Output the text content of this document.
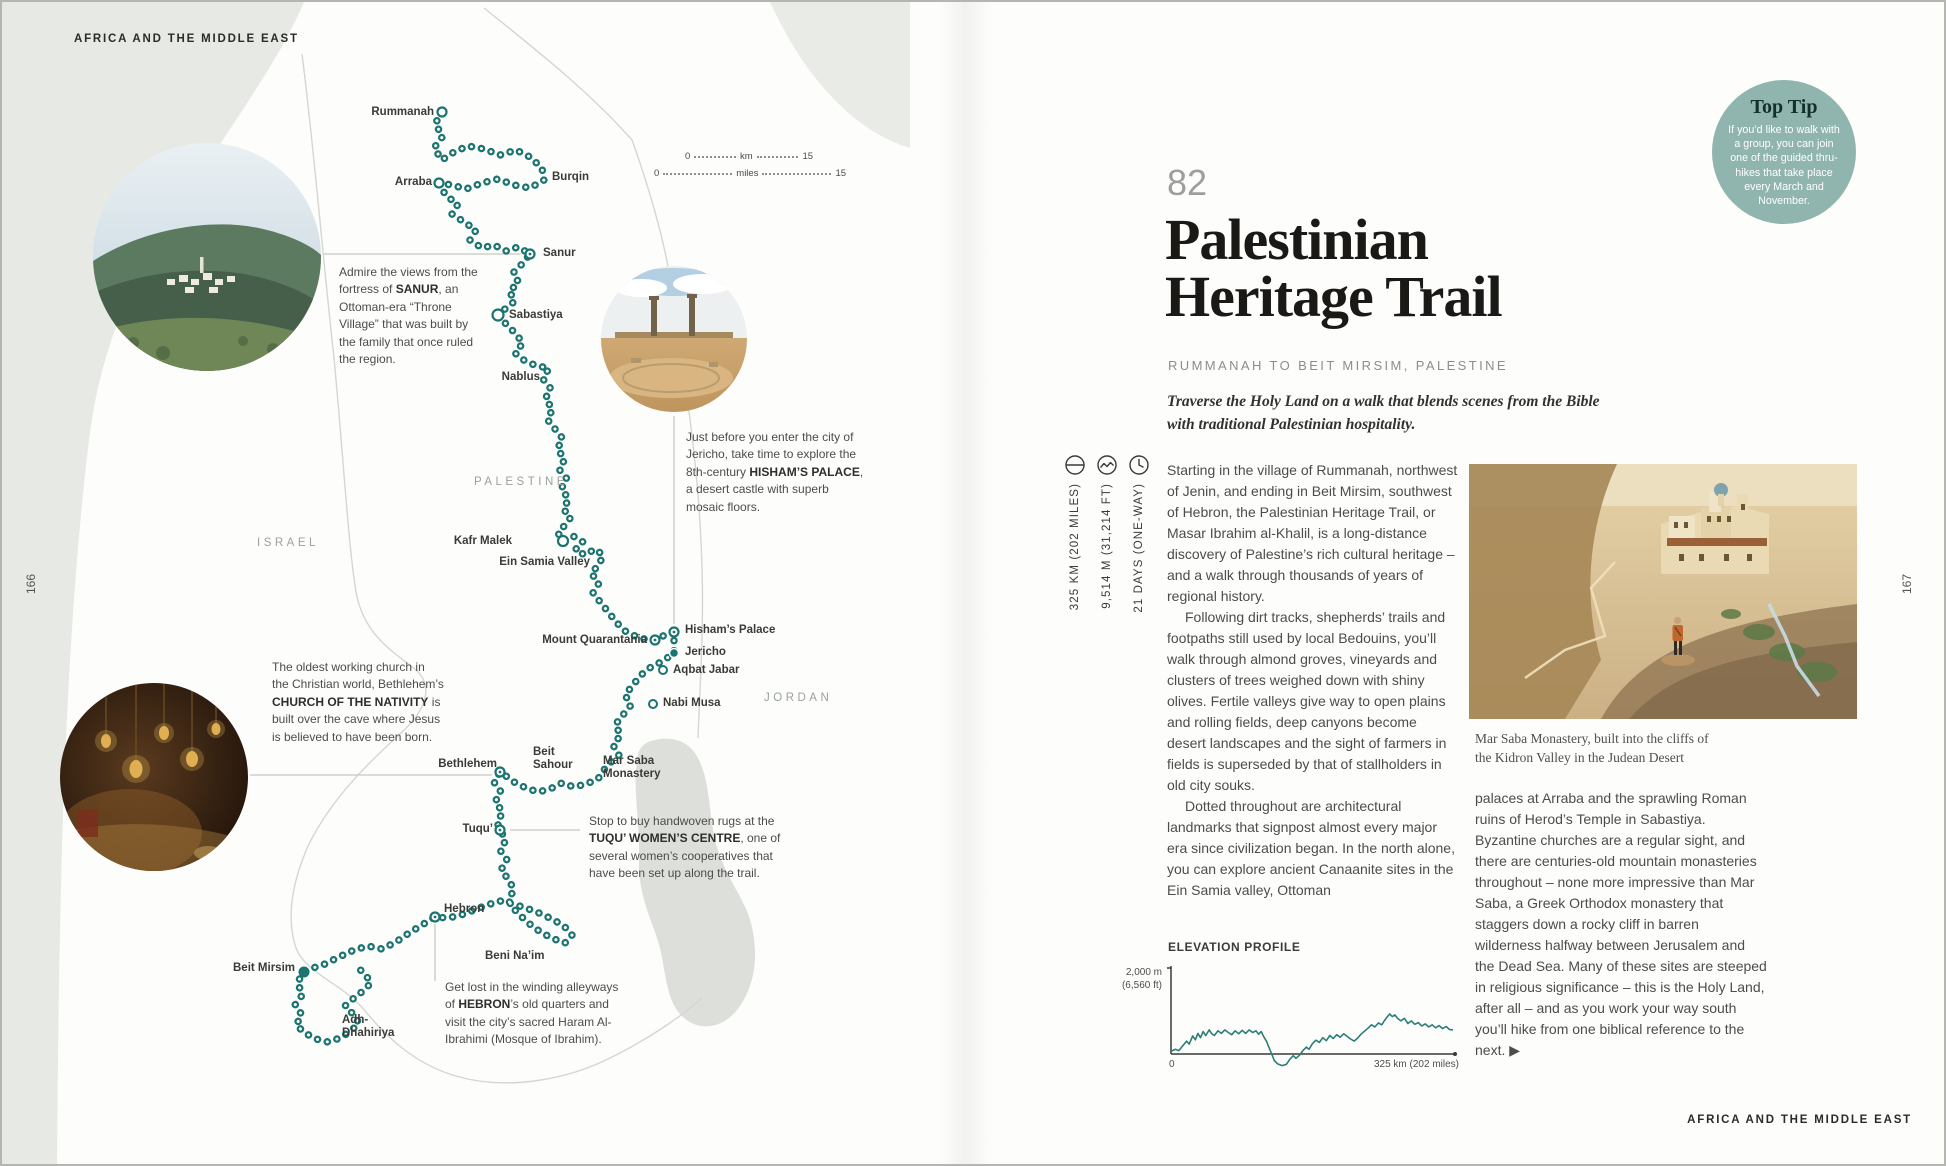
AFRICA AND THE MIDDLE EAST
166
0	km	15
0	miles	15
PALESTINE
ISRAEL
JORDAN
Rummanah
Arraba	Burqin
Sanur
Sabastiya
Nablus
Kafr Malek
Ein Samia Valley
Mount Quarantania
Hisham’s Palace
Jericho
Aqbat Jabar
Nabi Musa
Bethlehem
Beit Sahour	Mar Saba Monastery
Tuqu’
Hebron
Beni Na’im
Beit Mirsim
Adh-Dhahiriya
Admire the views from the fortress of SANUR, an Ottoman-era “Throne Village” that was built by the family that once ruled the region.
Just before you enter the city of Jericho, take time to explore the 8th-century HISHAM’S PALACE, a desert castle with superb mosaic floors.
The oldest working church in the Christian world, Bethlehem’s CHURCH OF THE NATIVITY is built over the cave where Jesus is believed to have been born.
Stop to buy handwoven rugs at the TUQU’ WOMEN’S CENTRE, one of several women’s cooperatives that have been set up along the trail.
Get lost in the winding alleyways of HEBRON’s old quarters and visit the city’s sacred Haram Al-Ibrahimi (Mosque of Ibrahim).
Top Tip
If you’d like to walk with a group, you can join one of the guided thru-hikes that take place every March and November.
82
Palestinian
Heritage Trail
RUMMANAH TO BEIT MIRSIM, PALESTINE
Traverse the Holy Land on a walk that blends scenes from the Bible with traditional Palestinian hospitality.
325 KM (202 MILES) 9,514 M (31,214 FT) 21 DAYS (ONE-WAY)

Starting in the village of Rummanah, northwest of Jenin, and ending in Beit Mirsim, southwest of Hebron, the Palestinian Heritage Trail, or Masar Ibrahim al-Khalil, is a long-distance discovery of Palestine’s rich cultural heritage – and a walk through thousands of years of regional history.

Following dirt tracks, shepherds’ trails and footpaths still used by local Bedouins, you’ll walk through almond groves, vineyards and clusters of trees weighed down with shiny olives. Fertile valleys give way to open plains and rolling fields, deep canyons become desert landscapes and the sight of farmers in fields is superseded by that of stallholders in old city souks.

Dotted throughout are architectural landmarks that signpost almost every major era since civilization began. In the north alone, you can explore ancient Canaanite sites in the Ein Samia valley, Ottoman

ELEVATION PROFILE
2,000 m
(6,560 ft)
0	325 km (202 miles)
Mar Saba Monastery, built into the cliffs of the Kidron Valley in the Judean Desert

palaces at Arraba and the sprawling Roman ruins of Herod’s Temple in Sabastiya. Byzantine churches are a regular sight, and there are centuries-old mountain monasteries throughout – none more impressive than Mar Saba, a Greek Orthodox monastery that staggers down a rocky cliff in barren wilderness halfway between Jerusalem and the Dead Sea. Many of these sites are steeped in religious significance – this is the Holy Land, after all – and as you work your way south you’ll hike from one biblical reference to the next. ▶

167
AFRICA AND THE MIDDLE EAST
